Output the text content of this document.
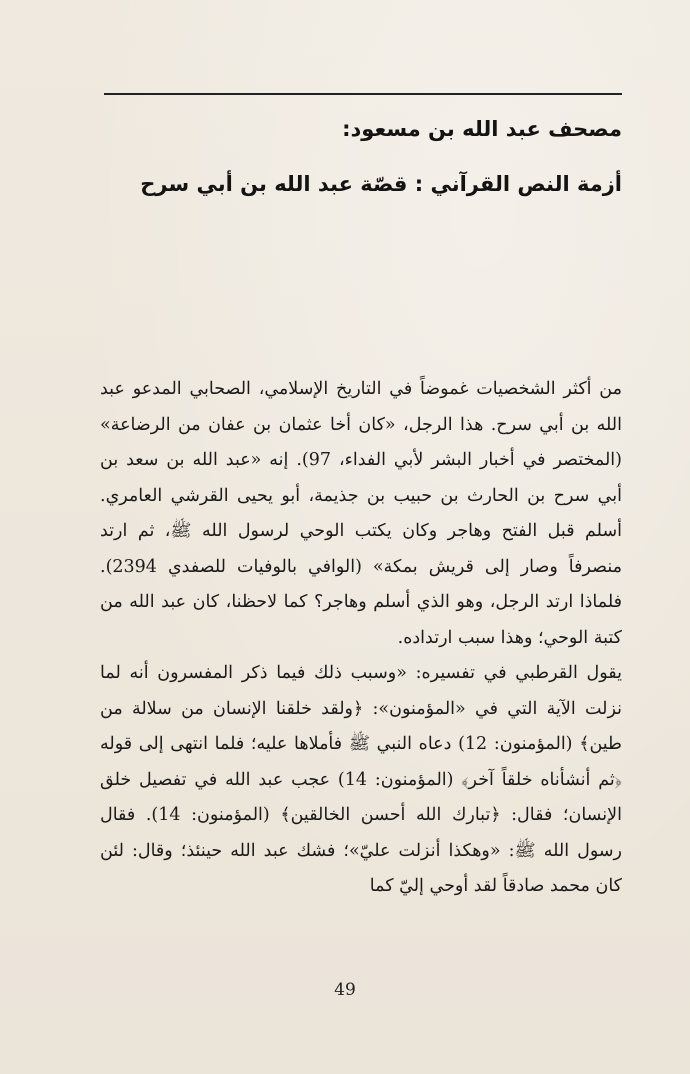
مصحف عبد الله بن مسعود:
أزمة النص القرآني : قصّة عبد الله بن أبي سرح

من أكثر الشخصيات غموضاً في التاريخ الإسلامي، الصحابي المدعو عبد الله بن أبي سرح. هذا الرجل، «كان أخا عثمان بن عفان من الرضاعة» (المختصر في أخبار البشر لأبي الفداء، 97). إنه «عبد الله بن سعد بن أبي سرح بن الحارث بن حبيب بن جذيمة، أبو يحيى القرشي العامري. أسلم قبل الفتح وهاجر وكان يكتب الوحي لرسول الله ﷺ، ثم ارتد منصرفاً وصار إلى قريش بمكة» (الوافي بالوفيات للصفدي 2394). فلماذا ارتد الرجل، وهو الذي أسلم وهاجر؟ كما لاحظنا، كان عبد الله من كتبة الوحي؛ وهذا سبب ارتداده.

يقول القرطبي في تفسيره: «وسبب ذلك فيما ذكر المفسرون أنه لما نزلت الآية التي في «المؤمنون»: ﴿ولقد خلقنا الإنسان من سلالة من طين﴾ (المؤمنون: 12) دعاه النبي ﷺ فأملاها عليه؛ فلما انتهى إلى قوله ﴿ثم أنشأناه خلقاً آخر﴾ (المؤمنون: 14) عجب عبد الله في تفصيل خلق الإنسان؛ فقال: ﴿تبارك الله أحسن الخالقين﴾ (المؤمنون: 14). فقال رسول الله ﷺ: «وهكذا أنزلت عليّ»؛ فشك عبد الله حينئذ؛ وقال: لئن كان محمد صادقاً لقد أوحي إليّ كما

49
